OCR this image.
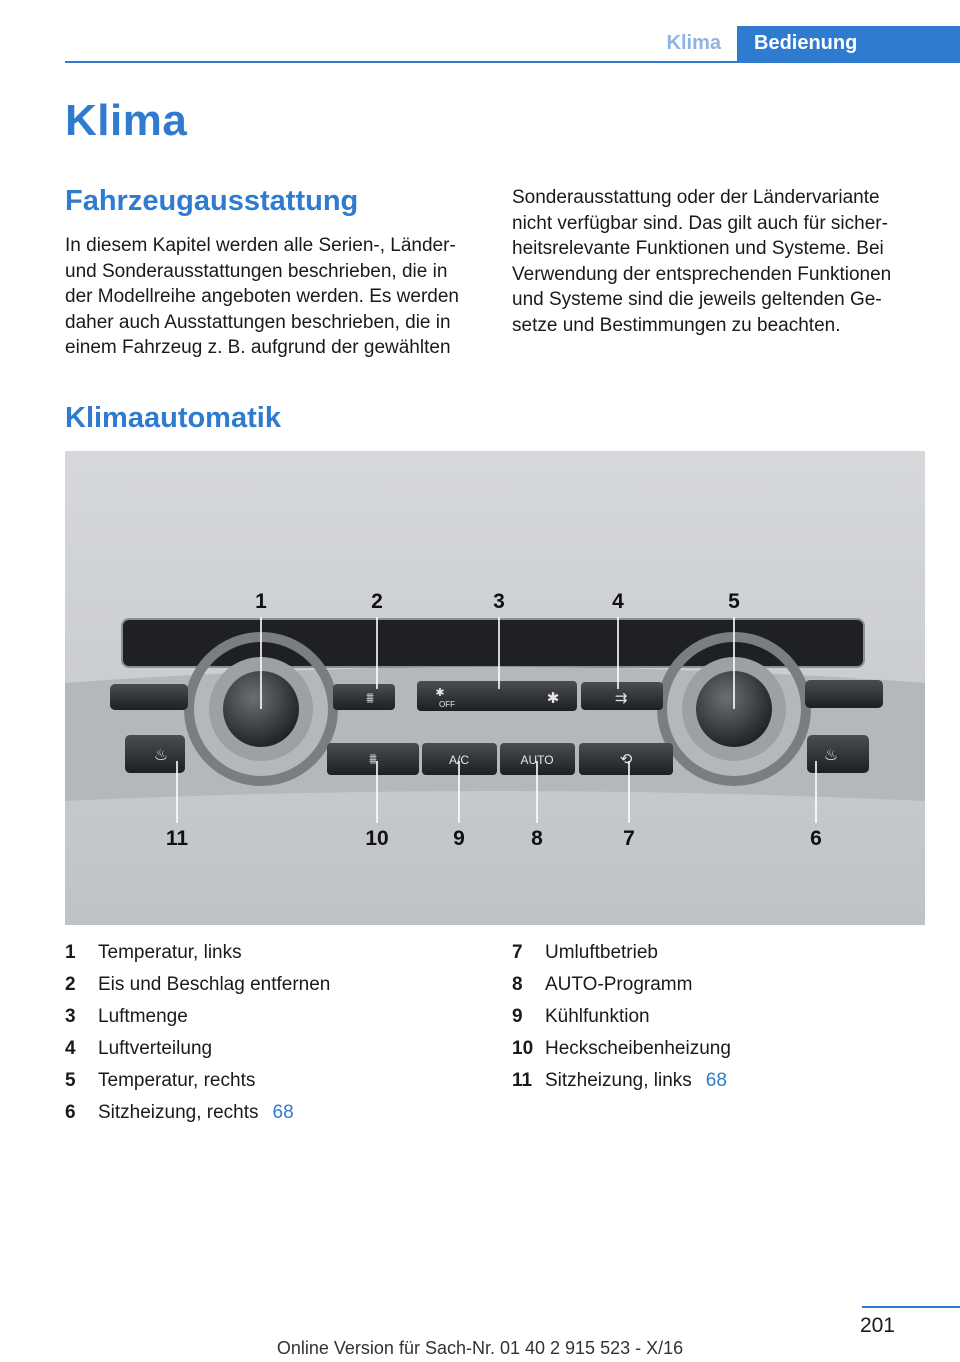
Klima	Bedienung
Klima
Fahrzeugausstattung
In diesem Kapitel werden alle Serien-, Länder- und Sonderausstattungen beschrieben, die in der Modellreihe angeboten werden. Es werden daher auch Ausstattungen beschrieben, die in einem Fahrzeug z. B. aufgrund der gewählten
Sonderausstattung oder der Ländervariante nicht verfügbar sind. Das gilt auch für sicher- heitsrelevante Funktionen und Systeme. Bei Verwendung der entsprechenden Funktionen und Systeme sind die jeweils geltenden Ge- setze und Bestimmungen zu beachten.
Klimaautomatik
⩩	✱
OFF	✱	⇉
♨	♨
⩩	A/C	AUTO	⟲
1	2	3	4	5
11	10	9	8	7	6
1	Temperatur, links
2	Eis und Beschlag entfernen
3	Luftmenge
4	Luftverteilung
5	Temperatur, rechts
6	Sitzheizung, rechts 68
7	Umluftbetrieb
8	AUTO-Programm
9	Kühlfunktion
10 Heckscheibenheizung
11 Sitzheizung, links 68
201
Online Version für Sach-Nr. 01 40 2 915 523 - X/16
